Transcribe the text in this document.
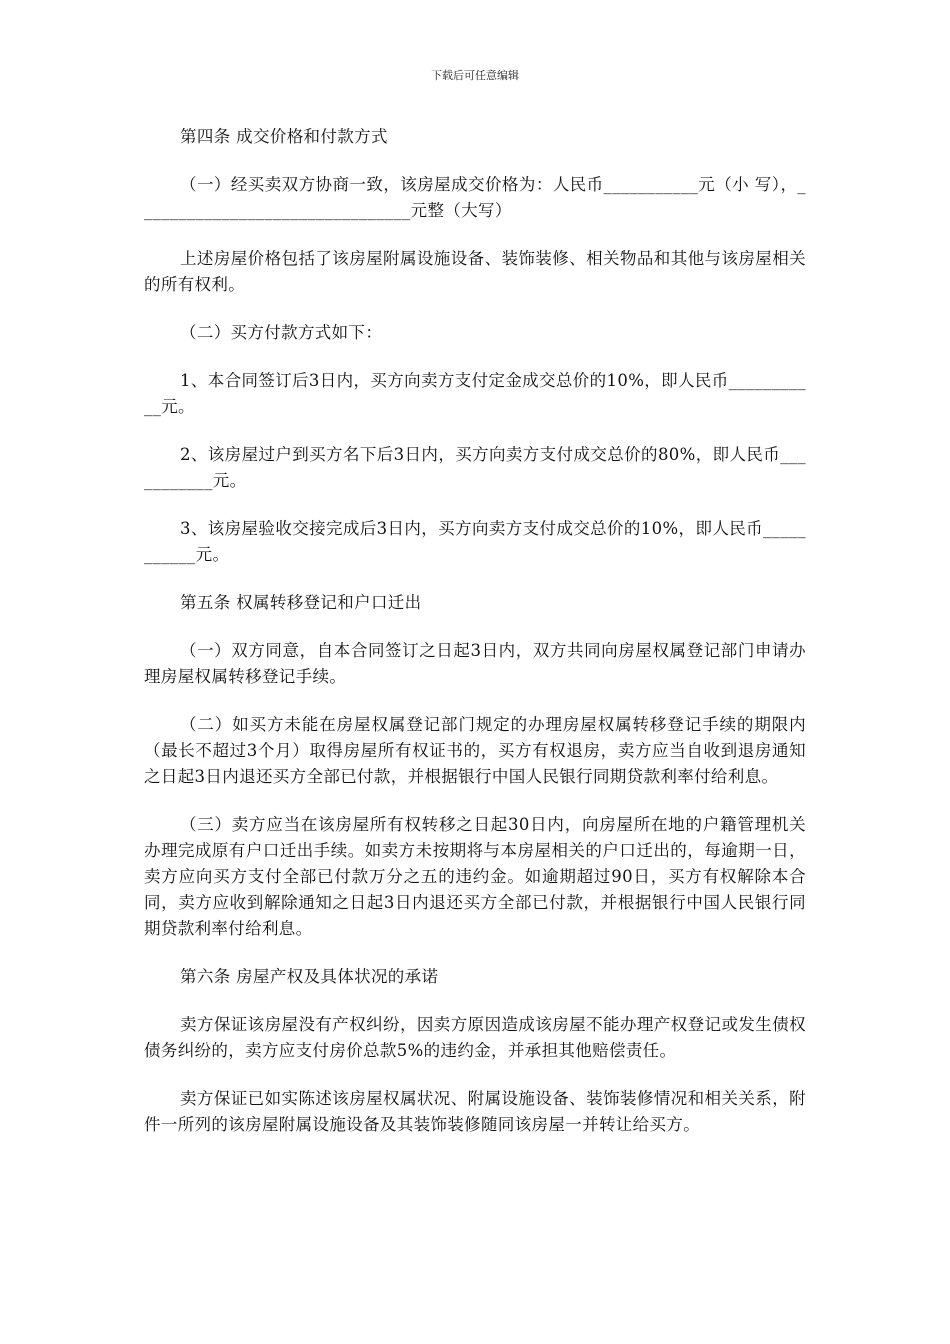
下载后可任意编辑

第四条 成交价格和付款方式

（一）经买卖双方协商一致，该房屋成交价格为：人民币___________元（小 写），________________________________元整（大写）

上述房屋价格包括了该房屋附属设施设备、装饰装修、相关物品和其他与该房屋相关的所有权利。

（二）买方付款方式如下：

1、本合同签订后3日内，买方向卖方支付定金成交总价的10%，即人民币___________元。

2、该房屋过户到买方名下后3日内，买方向卖方支付成交总价的80%，即人民币___________元。

3、该房屋验收交接完成后3日内，买方向卖方支付成交总价的10%，即人民币___________元。

第五条 权属转移登记和户口迁出

（一）双方同意，自本合同签订之日起3日内，双方共同向房屋权属登记部门申请办理房屋权属转移登记手续。

（二）如买方未能在房屋权属登记部门规定的办理房屋权属转移登记手续的期限内（最长不超过3个月）取得房屋所有权证书的，买方有权退房，卖方应当自收到退房通知之日起3日内退还买方全部已付款，并根据银行中国人民银行同期贷款利率付给利息。

（三）卖方应当在该房屋所有权转移之日起30日内，向房屋所在地的户籍管理机关办理完成原有户口迁出手续。如卖方未按期将与本房屋相关的户口迁出的，每逾期一日，卖方应向买方支付全部已付款万分之五的违约金。如逾期超过90日，买方有权解除本合同，卖方应收到解除通知之日起3日内退还买方全部已付款，并根据银行中国人民银行同期贷款利率付给利息。

第六条 房屋产权及具体状况的承诺

卖方保证该房屋没有产权纠纷，因卖方原因造成该房屋不能办理产权登记或发生债权债务纠纷的，卖方应支付房价总款5%的违约金，并承担其他赔偿责任。

卖方保证已如实陈述该房屋权属状况、附属设施设备、装饰装修情况和相关关系，附件一所列的该房屋附属设施设备及其装饰装修随同该房屋一并转让给买方。
